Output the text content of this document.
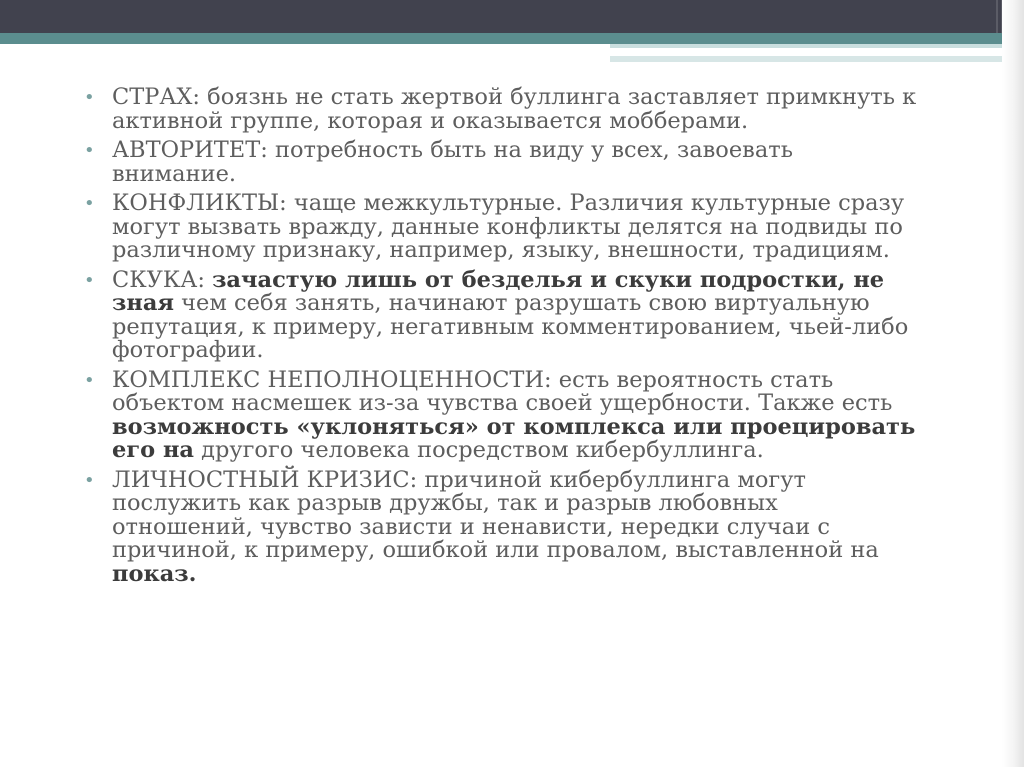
• СТРАХ: боязнь не стать жертвой буллинга заставляет примкнуть к активной группе, которая и оказывается мобберами.
• АВТОРИТЕТ: потребность быть на виду у всех, завоевать внимание.
• КОНФЛИКТЫ: чаще межкультурные. Различия культурные сразу могут вызвать вражду, данные конфликты делятся на подвиды по различному признаку, например, языку, внешности, традициям.
• СКУКА: зачастую лишь от безделья и скуки подростки, не зная чем себя занять, начинают разрушать свою виртуальную репутация, к примеру, негативным комментированием, чьей-либо фотографии.
• КОМПЛЕКС НЕПОЛНОЦЕННОСТИ: есть вероятность стать объектом насмешек из-за чувства своей ущербности. Также есть возможность «уклоняться» от комплекса или проецировать его на другого человека посредством кибербуллинга.
• ЛИЧНОСТНЫЙ КРИЗИС: причиной кибербуллинга могут послужить как разрыв дружбы, так и разрыв любовных отношений, чувство зависти и ненависти, нередки случаи с причиной, к примеру, ошибкой или провалом, выставленной на показ.
